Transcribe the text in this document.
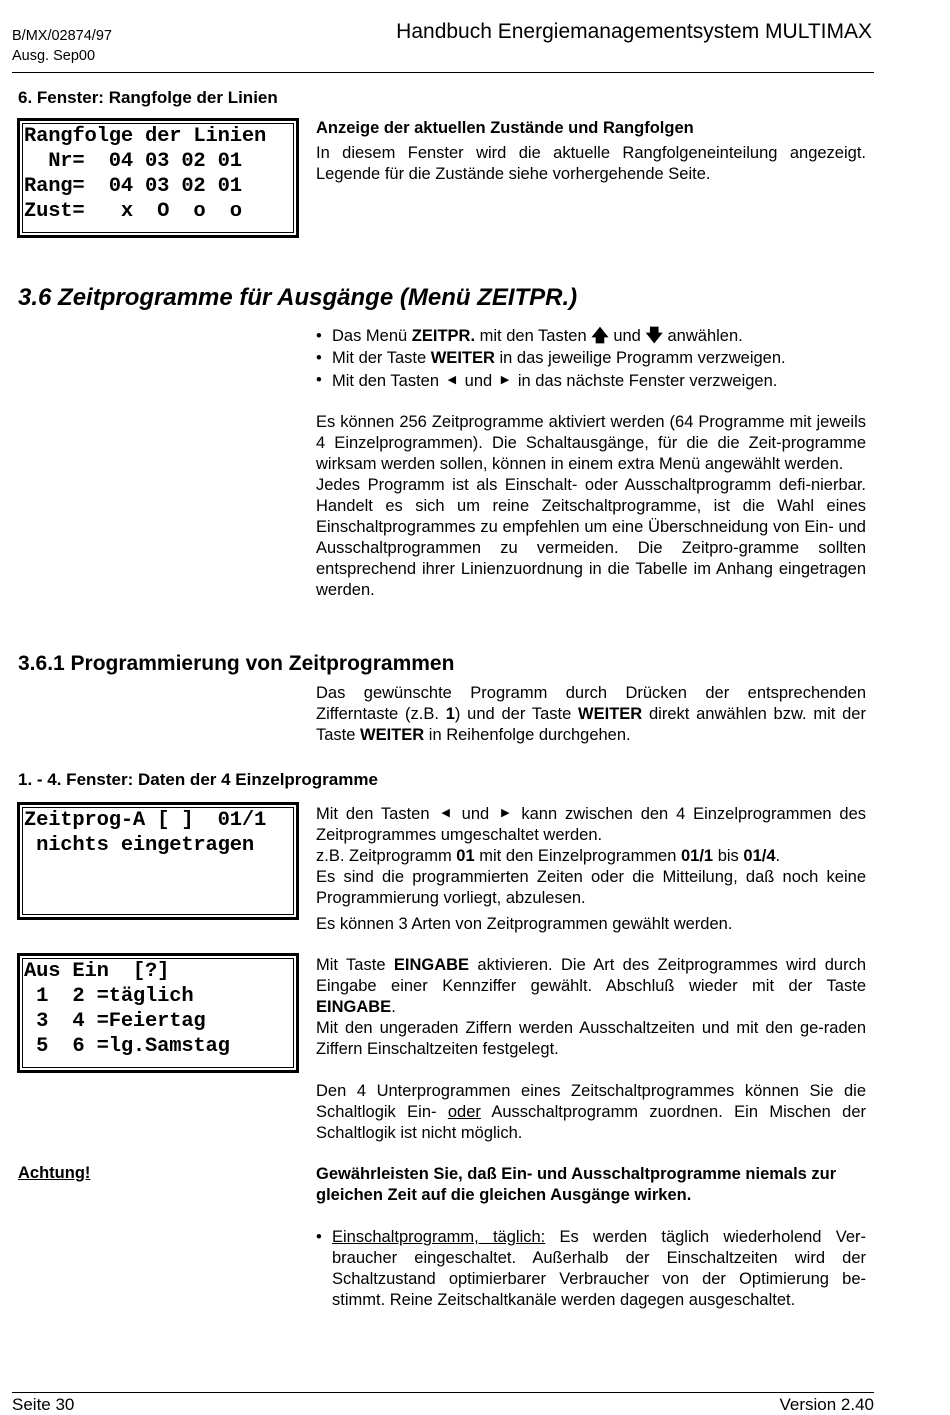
B/MX/02874/97
Ausg. Sep00
Handbuch Energiemanagementsystem MULTIMAX
6. Fenster: Rangfolge der Linien
Rangfolge der Linien
Nr=  04 03 02 01
Rang=  04 03 02 01
Zust=   x  O  o  o
Anzeige der aktuellen Zustände und Rangfolgen
In diesem Fenster wird die aktuelle Rangfolgeneinteilung angezeigt. Legende für die Zustände siehe vorhergehende Seite.
3.6 Zeitprogramme für Ausgänge (Menü ZEITPR.)
• Das Menü ZEITPR. mit den Tasten 🡅 und 🡇 anwählen.
• Mit der Taste WEITER in das jeweilige Programm verzweigen.
• Mit den Tasten ◀ und ▶ in das nächste Fenster verzweigen.

Es können 256 Zeitprogramme aktiviert werden (64 Programme mit jeweils 4 Einzelprogrammen). Die Schaltausgänge, für die die Zeit-programme wirksam werden sollen, können in einem extra Menü angewählt werden.

Jedes Programm ist als Einschalt- oder Ausschaltprogramm defi-nierbar. Handelt es sich um reine Zeitschaltprogramme, ist die Wahl eines Einschaltprogrammes zu empfehlen um eine Überschneidung von Ein- und Ausschaltprogrammen zu vermeiden. Die Zeitpro-gramme sollten entsprechend ihrer Linienzuordnung in die Tabelle im Anhang eingetragen werden.

3.6.1 Programmierung von Zeitprogrammen
Das gewünschte Programm durch Drücken der entsprechenden Zifferntaste (z.B. 1) und der Taste WEITER direkt anwählen bzw. mit der Taste WEITER in Reihenfolge durchgehen.
1. - 4. Fenster: Daten der 4 Einzelprogramme
Zeitprog-A [ ]  01/1
nichts eingetragen

Mit den Tasten ◀ und ▶ kann zwischen den 4 Einzelprogrammen des Zeitprogrammes umgeschaltet werden.

z.B. Zeitprogramm 01 mit den Einzelprogrammen 01/1 bis 01/4.

Es sind die programmierten Zeiten oder die Mitteilung, daß noch keine Programmierung vorliegt, abzulesen.

Es können 3 Arten von Zeitprogrammen gewählt werden.

Aus Ein  [?]
1  2 =täglich
3  4 =Feiertag
5  6 =lg.Samstag

Mit Taste EINGABE aktivieren. Die Art des Zeitprogrammes wird durch Eingabe einer Kennziffer gewählt. Abschluß wieder mit der Taste EINGABE.

Mit den ungeraden Ziffern werden Ausschaltzeiten und mit den ge-raden Ziffern Einschaltzeiten festgelegt.

Den 4 Unterprogrammen eines Zeitschaltprogrammes können Sie die Schaltlogik Ein- oder Ausschaltprogramm zuordnen. Ein Mischen der Schaltlogik ist nicht möglich.

Achtung!	Gewährleisten Sie, daß Ein- und Ausschaltprogramme niemals zur gleichen Zeit auf die gleichen Ausgänge wirken.
• Einschaltprogramm, täglich: Es werden täglich wiederholend Ver-braucher eingeschaltet. Außerhalb der Einschaltzeiten wird der Schaltzustand optimierbarer Verbraucher von der Optimierung be-stimmt. Reine Zeitschaltkanäle werden dagegen ausgeschaltet.
Seite 30	Version 2.40
